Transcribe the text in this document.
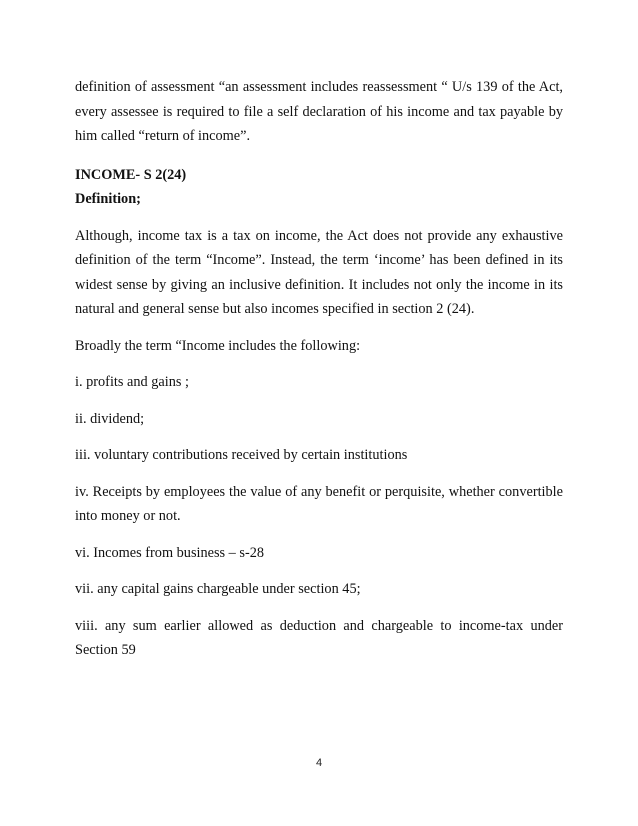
definition of assessment “an assessment includes reassessment “ U/s 139 of the Act, every assessee is required to file a self declaration of his income and tax payable by him called “return of income”.

INCOME- S 2(24)

Definition;

Although, income tax is a tax on income, the Act does not provide any exhaustive definition of the term “Income”. Instead, the term ‘income’ has been defined in its widest sense by giving an inclusive definition. It includes not only the income in its natural and general sense but also incomes specified in section 2 (24).

Broadly the term “Income includes the following:

i. profits and gains ;

ii. dividend;

iii. voluntary contributions received by certain institutions

iv. Receipts by employees the value of any benefit or perquisite, whether convertible into money or not.

vi. Incomes from business – s-28

vii. any capital gains chargeable under section 45;

viii. any sum earlier allowed as deduction and chargeable to income-tax under Section 59

4
